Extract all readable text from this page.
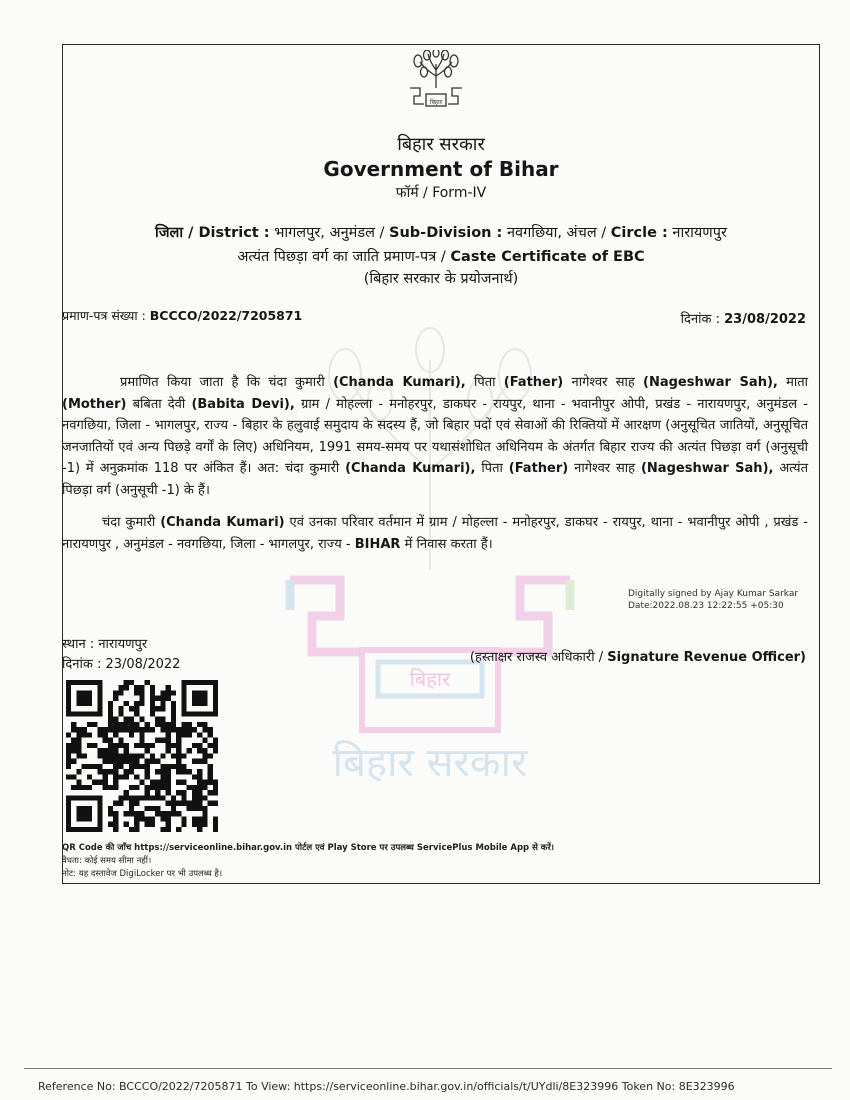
बिहार
बिहार सरकार
Government of Bihar
फॉर्म / Form-IV
जिला / District : भागलपुर, अनुमंडल / Sub-Division : नवगछिया, अंचल / Circle : नारायणपुर
अत्यंत पिछड़ा वर्ग का जाति प्रमाण-पत्र / Caste Certificate of EBC
(बिहार सरकार के प्रयोजनार्थ)
प्रमाण-पत्र संख्या : BCCCO/2022/7205871	दिनांक : 23/08/2022
बिहार
बिहार सरकार
प्रमाणित किया जाता है कि चंदा कुमारी (Chanda Kumari), पिता (Father) नागेश्वर साह (Nageshwar Sah), माता (Mother) बबिता देवी (Babita Devi), ग्राम / मोहल्ला - मनोहरपुर, डाकघर - रायपुर, थाना - भवानीपुर ओपी, प्रखंड - नारायणपुर, अनुमंडल - नवगछिया, जिला - भागलपुर, राज्य - बिहार के हलुवाई समुदाय के सदस्य हैं, जो बिहार पदों एवं सेवाओं की रिक्तियों में आरक्षण (अनुसूचित जातियों, अनुसूचित जनजातियों एवं अन्य पिछड़े वर्गों के लिए) अधिनियम, 1991 समय-समय पर यथासंशोधित अधिनियम के अंतर्गत बिहार राज्य की अत्यंत पिछड़ा वर्ग (अनुसूची -1) में अनुक्रमांक 118 पर अंकित हैं। अत: चंदा कुमारी (Chanda Kumari), पिता (Father) नागेश्वर साह (Nageshwar Sah), अत्यंत पिछड़ा वर्ग (अनुसूची -1) के हैं।
चंदा कुमारी (Chanda Kumari) एवं उनका परिवार वर्तमान में ग्राम / मोहल्ला - मनोहरपुर, डाकघर - रायपुर, थाना - भवानीपुर ओपी , प्रखंड - नारायणपुर , अनुमंडल - नवगछिया, जिला - भागलपुर, राज्य - BIHAR में निवास करता हैं।
Digitally signed by Ajay Kumar Sarkar
Date:2022.08.23 12:22:55 +05:30
स्थान : नारायणपुर
दिनांक : 23/08/2022	(हस्ताक्षर राजस्व अधिकारी / Signature Revenue Officer)
QR Code की जाँच https://serviceonline.bihar.gov.in पोर्टल एवं Play Store पर उपलब्ध ServicePlus Mobile App से करें।
वैधता: कोई समय सीमा नहीं।
नोट: यह दस्तावेज DigiLocker पर भी उपलब्ध है।
Reference No: BCCCO/2022/7205871 To View: https://serviceonline.bihar.gov.in/officials/t/UYdli/8E323996 Token No: 8E323996
